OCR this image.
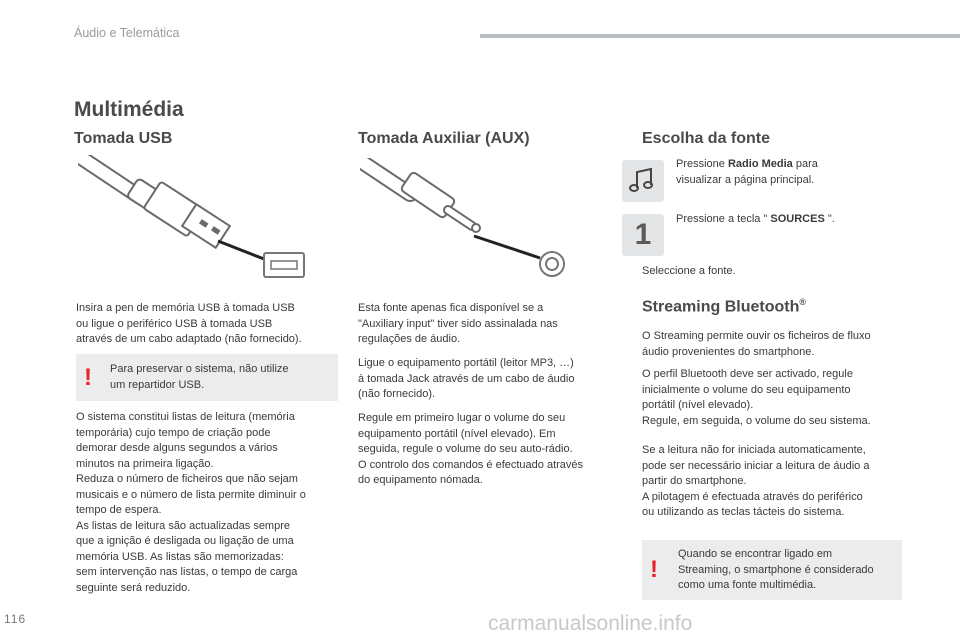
Áudio e Telemática
Multimédia
Tomada USB
Insira a pen de memória USB à tomada USB
ou ligue o periférico USB à tomada USB
através de um cabo adaptado (não fornecido).
! Para preservar o sistema, não utilize
um repartidor USB.
O sistema constitui listas de leitura (memória
temporária) cujo tempo de criação pode
demorar desde alguns segundos a vários
minutos na primeira ligação.
Reduza o número de ficheiros que não sejam
musicais e o número de lista permite diminuir o
tempo de espera.
As listas de leitura são actualizadas sempre
que a ignição é desligada ou ligação de uma
memória USB. As listas são memorizadas:
sem intervenção nas listas, o tempo de carga
seguinte será reduzido.
Tomada Auxiliar (AUX)
Esta fonte apenas fica disponível se a
"Auxiliary input" tiver sido assinalada nas
regulações de áudio.
Ligue o equipamento portátil (leitor MP3, …)
à tomada Jack através de um cabo de áudio
(não fornecido).
Regule em primeiro lugar o volume do seu
equipamento portátil (nível elevado). Em
seguida, regule o volume do seu auto-rádio.
O controlo dos comandos é efectuado através
do equipamento nómada.
Escolha da fonte
Pressione Radio Media para
visualizar a página principal.
1	Pressione a tecla " SOURCES ".
Seleccione a fonte.
Streaming Bluetooth®
O Streaming permite ouvir os ficheiros de fluxo
áudio provenientes do smartphone.
O perfil Bluetooth deve ser activado, regule
inicialmente o volume do seu equipamento
portátil (nível elevado).
Regule, em seguida, o volume do seu sistema.
Se a leitura não for iniciada automaticamente,
pode ser necessário iniciar a leitura de áudio a
partir do smartphone.
A pilotagem é efectuada através do periférico
ou utilizando as teclas tácteis do sistema.
!
Quando se encontrar ligado em
Streaming, o smartphone é considerado
como uma fonte multimédia.
116	carmanualsonline.info
